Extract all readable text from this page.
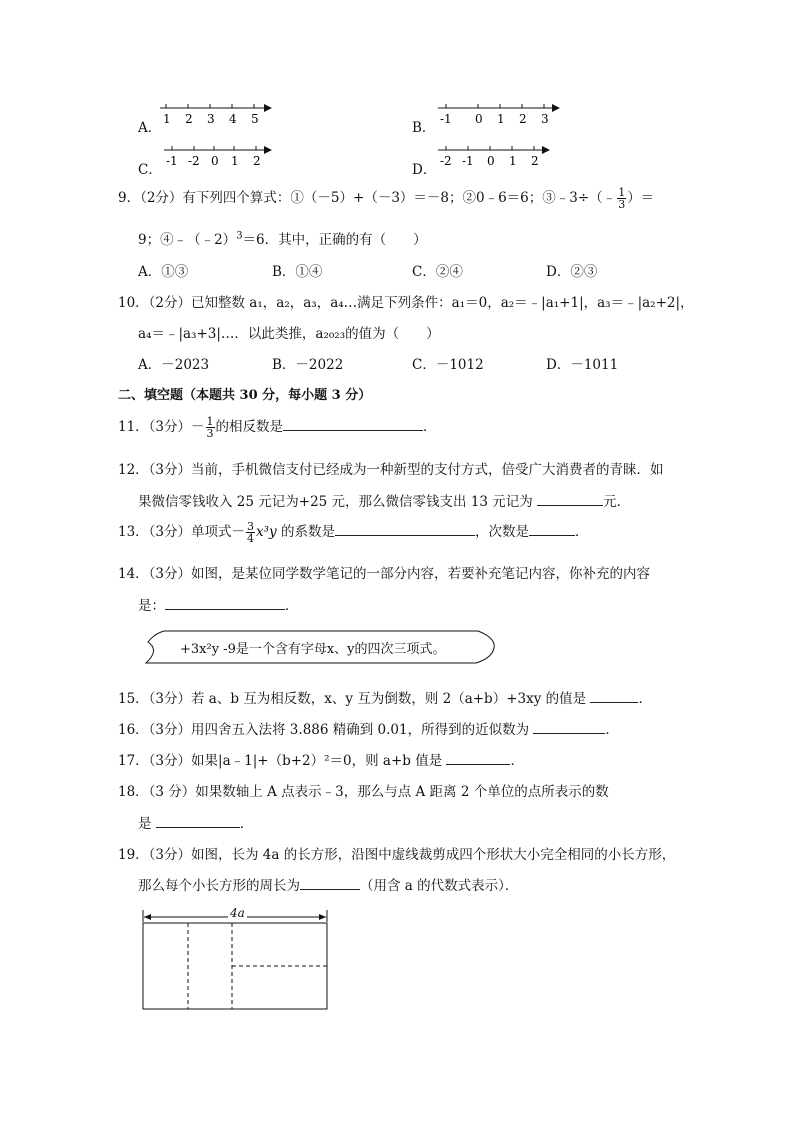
A．
1 2 3 4 5
B．
-1 0 1 2 3
C．
-1 -2 0 1 2
D．
-2 -1 0 1 2
9．（2分）有下列四个算式：①（－5）+（－3）＝－8；②0﹣6＝6；③﹣3÷（﹣ $\frac{1}{3}$ ）＝
9；④﹣（﹣2）$^3$＝6．其中，正确的有（　　）
A．①③	B．①④	C．②④	D．②③
10．（2分）已知整数 a₁，a₂，a₃，a₄…满足下列条件：a₁＝0，a₂＝﹣|a₁+1|，a₃＝﹣|a₂+2|，
a₄＝﹣|a₃+3|…．以此类推，a₂₀₂₃的值为（　　）
A．－2023	B．－2022	C．－1012	D．－1011
二、填空题（本题共 30 分，每小题 3 分）
11．（3分）－ $\frac{1}{3}$ 的相反数是	．
12．（3分）当前，手机微信支付已经成为一种新型的支付方式，倍受广大消费者的青睐．如
果微信零钱收入 25 元记为+25 元，那么微信零钱支出 13 元记为	元．
13．（3分）单项式－ $\frac{3}{4} x^3y$ 的系数是	，次数是	．
14．（3分）如图，是某位同学数学笔记的一部分内容，若要补充笔记内容，你补充的内容
是：	．
+3x²y -9是一个含有字母x、y的四次三项式。
15．（3分）若 a、b 互为相反数，x、y 互为倒数，则 2（a+b）+3xy 的值是	．
16．（3分）用四舍五入法将 3.886 精确到 0.01，所得到的近似数为	．
17．（3分）如果|a﹣1|+（b+2）²＝0，则 a+b 值是	．
18．（3 分）如果数轴上 A 点表示﹣3，那么与点 A 距离 2 个单位的点所表示的数
是	．
19．（3分）如图，长为 4a 的长方形，沿图中虚线裁剪成四个形状大小完全相同的小长方形，
那么每个小长方形的周长为	（用含 a 的代数式表示）．
4a
